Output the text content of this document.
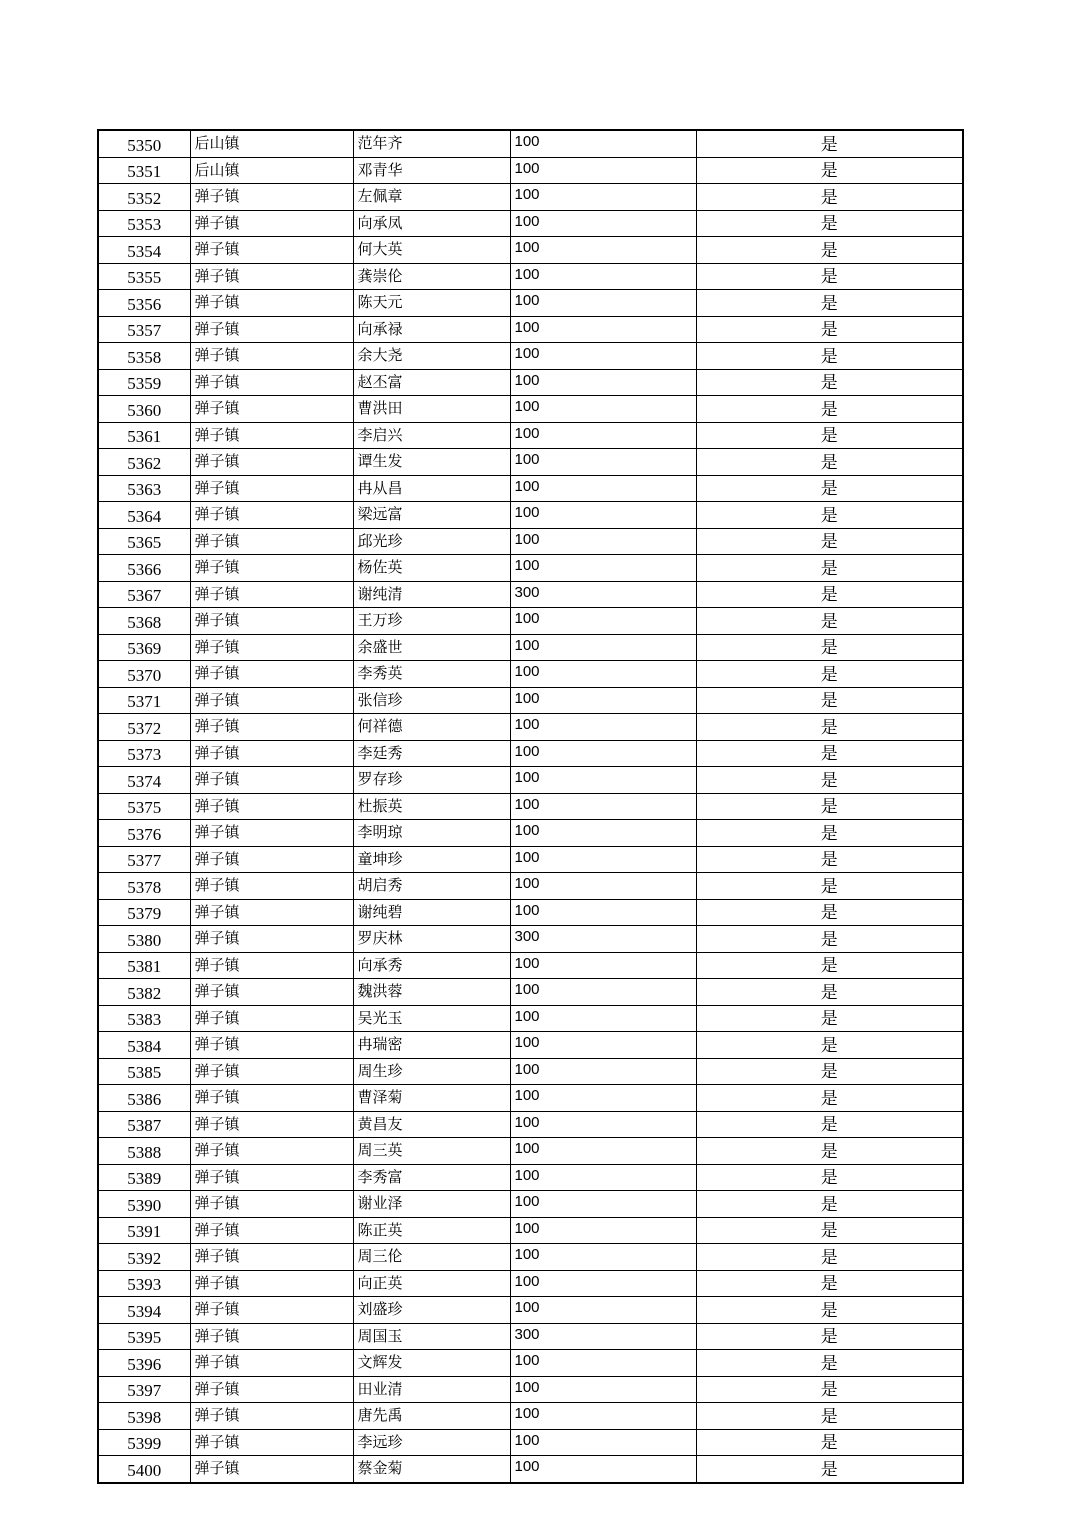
5350	后山镇	范年齐	100	是
5351	后山镇	邓青华	100	是
5352	弹子镇	左佩章	100	是
5353	弹子镇	向承凤	100	是
5354	弹子镇	何大英	100	是
5355	弹子镇	龚崇伦	100	是
5356	弹子镇	陈天元	100	是
5357	弹子镇	向承禄	100	是
5358	弹子镇	余大尧	100	是
5359	弹子镇	赵丕富	100	是
5360	弹子镇	曹洪田	100	是
5361	弹子镇	李启兴	100	是
5362	弹子镇	谭生发	100	是
5363	弹子镇	冉从昌	100	是
5364	弹子镇	梁远富	100	是
5365	弹子镇	邱光珍	100	是
5366	弹子镇	杨佐英	100	是
5367	弹子镇	谢纯清	300	是
5368	弹子镇	王万珍	100	是
5369	弹子镇	余盛世	100	是
5370	弹子镇	李秀英	100	是
5371	弹子镇	张信珍	100	是
5372	弹子镇	何祥德	100	是
5373	弹子镇	李廷秀	100	是
5374	弹子镇	罗存珍	100	是
5375	弹子镇	杜振英	100	是
5376	弹子镇	李明琼	100	是
5377	弹子镇	童坤珍	100	是
5378	弹子镇	胡启秀	100	是
5379	弹子镇	谢纯碧	100	是
5380	弹子镇	罗庆林	300	是
5381	弹子镇	向承秀	100	是
5382	弹子镇	魏洪蓉	100	是
5383	弹子镇	吴光玉	100	是
5384	弹子镇	冉瑞密	100	是
5385	弹子镇	周生珍	100	是
5386	弹子镇	曹泽菊	100	是
5387	弹子镇	黄昌友	100	是
5388	弹子镇	周三英	100	是
5389	弹子镇	李秀富	100	是
5390	弹子镇	谢业泽	100	是
5391	弹子镇	陈正英	100	是
5392	弹子镇	周三伦	100	是
5393	弹子镇	向正英	100	是
5394	弹子镇	刘盛珍	100	是
5395	弹子镇	周国玉	300	是
5396	弹子镇	文辉发	100	是
5397	弹子镇	田业清	100	是
5398	弹子镇	唐先禹	100	是
5399	弹子镇	李远珍	100	是
5400	弹子镇	蔡金菊	100	是
